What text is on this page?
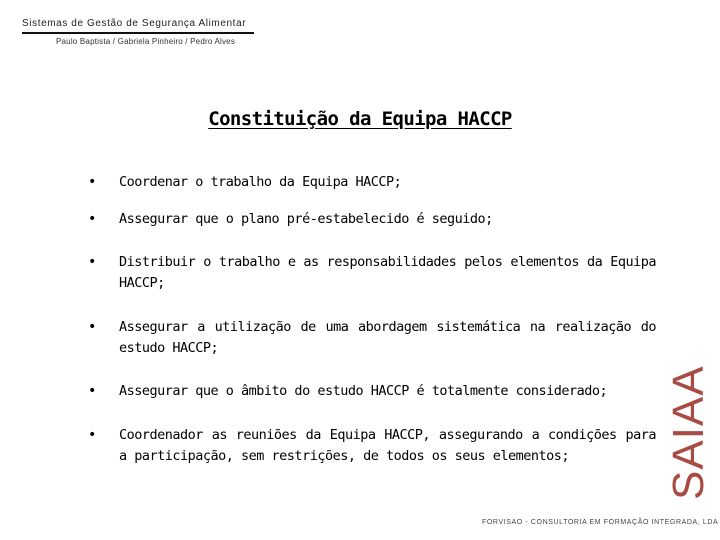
Sistemas de Gestão de Segurança Alimentar
Paulo Baptista / Gabriela Pinheiro / Pedro Alves
Constituição da Equipa HACCP
•	Coordenar o trabalho da Equipa HACCP;
•	Assegurar que o plano pré-estabelecido é seguido;
•	Distribuir o trabalho e as responsabilidades pelos elementos da Equipa HACCP;
•	Assegurar a utilização de uma abordagem sistemática na realização do estudo HACCP;
•	Assegurar que o âmbito do estudo HACCP é totalmente considerado;
•	Coordenador as reuniões da Equipa HACCP, assegurando a condições para a participação, sem restrições, de todos os seus elementos;	SAIAA
FORVISAO - CONSULTORIA EM FORMAÇÃO INTEGRADA, LDA
